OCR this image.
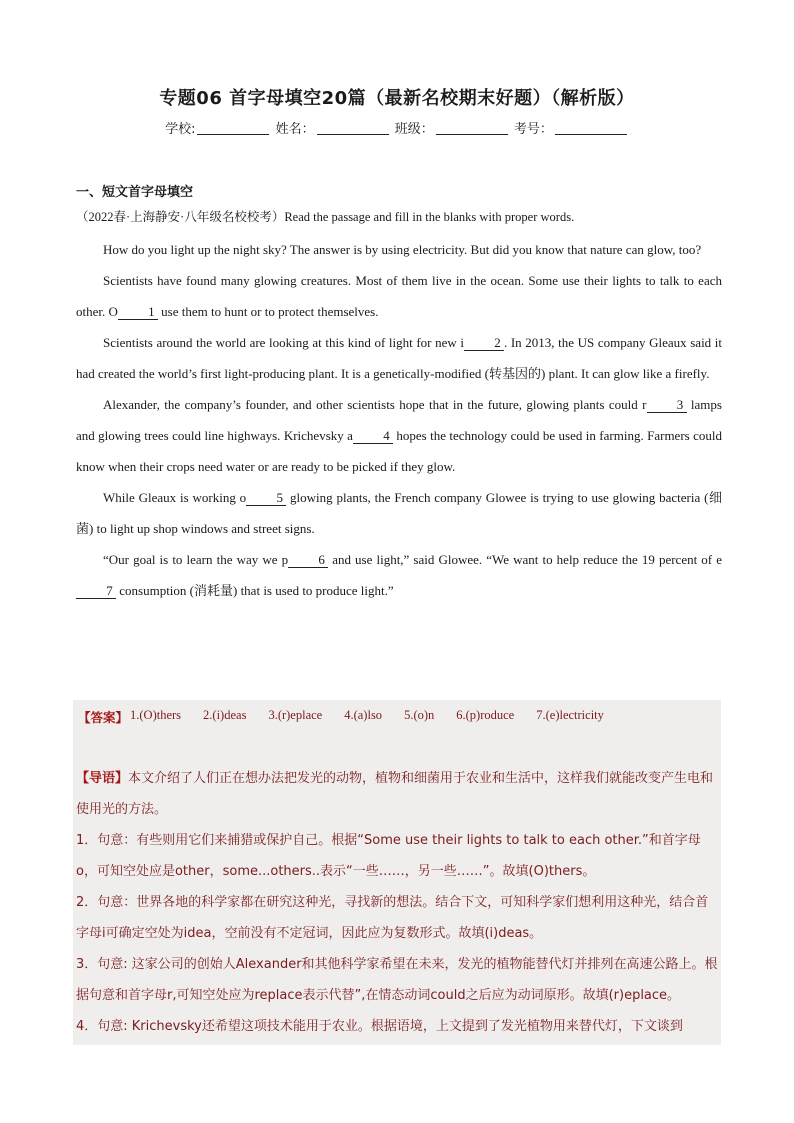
专题06 首字母填空20篇（最新名校期末好题）（解析版）
学校:	姓名：	班级：	考号：
一、短文首字母填空
（2022春·上海静安·八年级名校校考）Read the passage and fill in the blanks with proper words.

How do you light up the night sky? The answer is by using electricity. But did you know that nature can glow, too?

Scientists have found many glowing creatures. Most of them live in the ocean. Some use their lights to talk to each other. O 1 use them to hunt or to protect themselves.

Scientists around the world are looking at this kind of light for new i 2 . In 2013, the US company Gleaux said it had created the world’s first light-producing plant. It is a genetically-modified (转基因的) plant. It can glow like a firefly.

Alexander, the company’s founder, and other scientists hope that in the future, glowing plants could r 3 lamps and glowing trees could line highways. Krichevsky a 4 hopes the technology could be used in farming. Farmers could know when their crops need water or are ready to be picked if they glow.

While Gleaux is working o 5 glowing plants, the French company Glowee is trying to use glowing bacteria (细菌) to light up shop windows and street signs.

“Our goal is to learn the way we p 6 and use light,” said Glowee. “We want to help reduce the 19 percent of e7 consumption (消耗量) that is used to produce light.”

【答案】 1.(O)thers 2.(i)deas 3.(r)eplace 4.(a)lso 5.(o)n 6.(p)roduce 7.(e)lectricity

【导语】本文介绍了人们正在想办法把发光的动物，植物和细菌用于农业和生活中，这样我们就能改变产生电和使用光的方法。

1．句意：有些则用它们来捕猎或保护自己。根据“Some use their lights to talk to each other.”和首字母o，可知空处应是other，some...others..表示“一些……，另一些……”。故填(O)thers。

2．句意：世界各地的科学家都在研究这种光，寻找新的想法。结合下文，可知科学家们想利用这种光，结合首字母i可确定空处为idea，空前没有不定冠词，因此应为复数形式。故填(i)deas。

3．句意: 这家公司的创始人Alexander和其他科学家希望在未来，发光的植物能替代灯并排列在高速公路上。根据句意和首字母r,可知空处应为replace表示代替”,在情态动词could之后应为动词原形。故填(r)eplace。

4．句意: Krichevsky还希望这项技术能用于农业。根据语境，上文提到了发光植物用来替代灯，下文谈到
